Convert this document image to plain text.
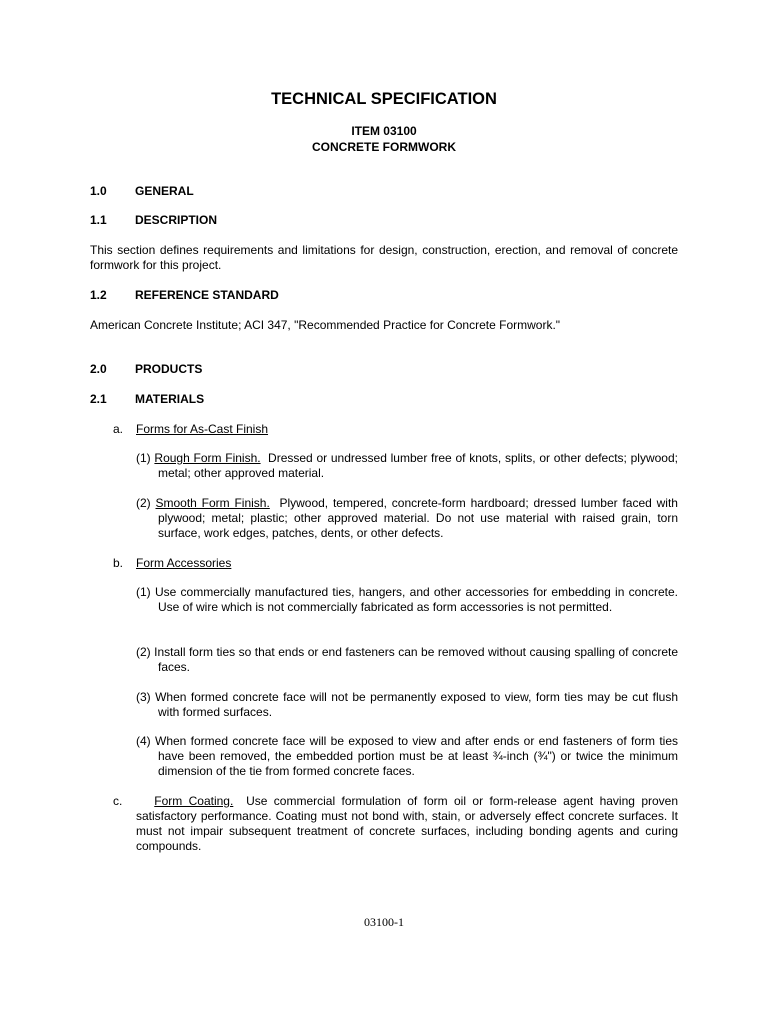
TECHNICAL SPECIFICATION
ITEM 03100
CONCRETE FORMWORK
1.0 GENERAL
1.1 DESCRIPTION
This section defines requirements and limitations for design, construction, erection, and removal of concrete formwork for this project.
1.2 REFERENCE STANDARD
American Concrete Institute; ACI 347, "Recommended Practice for Concrete Formwork."
2.0 PRODUCTS
2.1 MATERIALS
a. Forms for As-Cast Finish
(1) Rough Form Finish. Dressed or undressed lumber free of knots, splits, or other defects; plywood; metal; other approved material.
(2) Smooth Form Finish. Plywood, tempered, concrete-form hardboard; dressed lumber faced with plywood; metal; plastic; other approved material. Do not use material with raised grain, torn surface, work edges, patches, dents, or other defects.
b. Form Accessories
(1) Use commercially manufactured ties, hangers, and other accessories for embedding in concrete. Use of wire which is not commercially fabricated as form accessories is not permitted.
(2) Install form ties so that ends or end fasteners can be removed without causing spalling of concrete faces.
(3) When formed concrete face will not be permanently exposed to view, form ties may be cut flush with formed surfaces.
(4) When formed concrete face will be exposed to view and after ends or end fasteners of form ties have been removed, the embedded portion must be at least ¾-inch (¾") or twice the minimum dimension of the tie from formed concrete faces.
c.	Form Coating. Use commercial formulation of form oil or form-release agent having proven satisfactory performance. Coating must not bond with, stain, or adversely effect concrete surfaces. It must not impair subsequent treatment of concrete surfaces, including bonding agents and curing compounds.
03100-1
